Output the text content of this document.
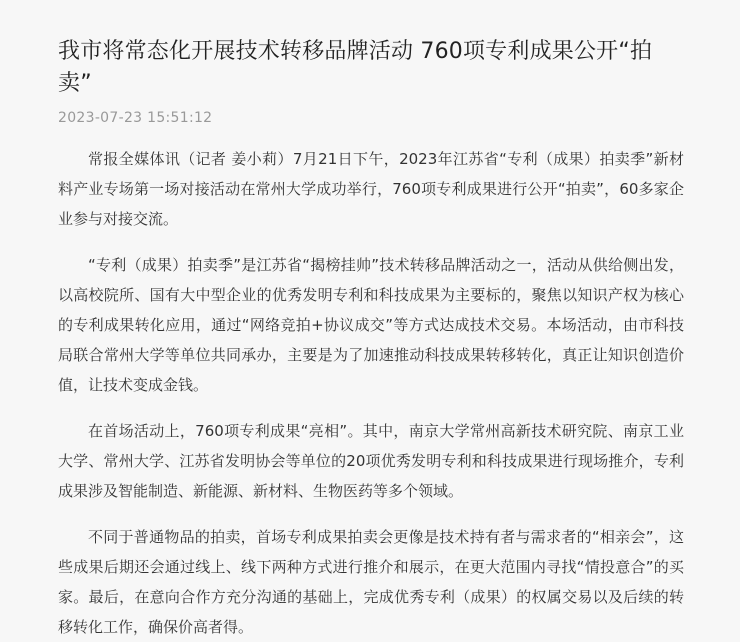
我市将常态化开展技术转移品牌活动 760项专利成果公开“拍卖”
2023-07-23 15:51:12

常报全媒体讯（记者 姜小莉）7月21日下午，2023年江苏省“专利（成果）拍卖季”新材料产业专场第一场对接活动在常州大学成功举行，760项专利成果进行公开“拍卖”，60多家企业参与对接交流。

“专利（成果）拍卖季”是江苏省“揭榜挂帅”技术转移品牌活动之一，活动从供给侧出发，以高校院所、国有大中型企业的优秀发明专利和科技成果为主要标的，聚焦以知识产权为核心的专利成果转化应用，通过“网络竞拍+协议成交”等方式达成技术交易。本场活动，由市科技局联合常州大学等单位共同承办，主要是为了加速推动科技成果转移转化，真正让知识创造价值，让技术变成金钱。

在首场活动上，760项专利成果“亮相”。其中，南京大学常州高新技术研究院、南京工业大学、常州大学、江苏省发明协会等单位的20项优秀发明专利和科技成果进行现场推介，专利成果涉及智能制造、新能源、新材料、生物医药等多个领域。

不同于普通物品的拍卖，首场专利成果拍卖会更像是技术持有者与需求者的“相亲会”，这些成果后期还会通过线上、线下两种方式进行推介和展示，在更大范围内寻找“情投意合”的买家。最后，在意向合作方充分沟通的基础上，完成优秀专利（成果）的权属交易以及后续的转移转化工作，确保价高者得。
